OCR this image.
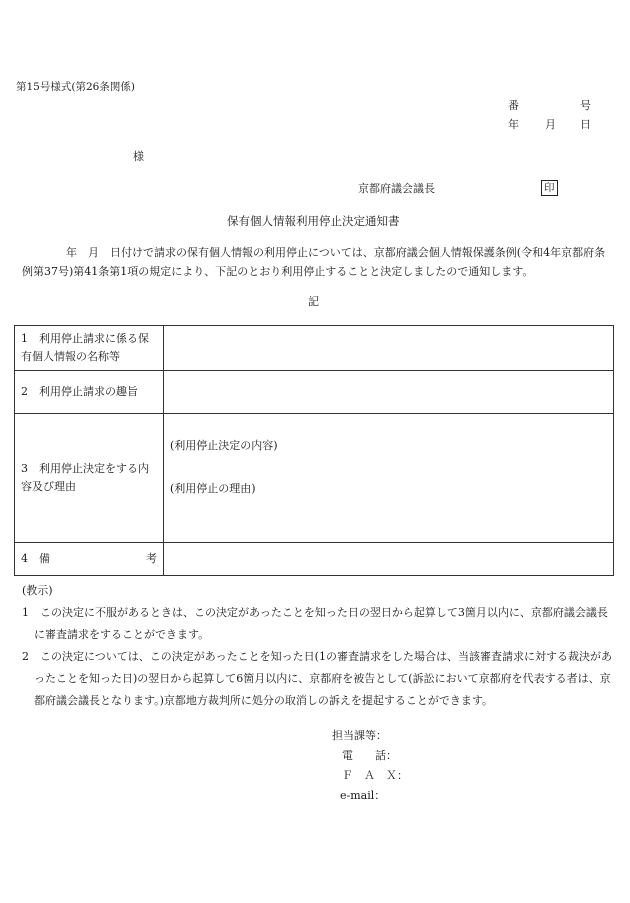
第15号様式(第26条関係)
番	号
年 月 日
様
京都府議会議長	印
保有個人情報利用停止決定通知書
年　月　日付けで請求の保有個人情報の利用停止については、京都府議会個人情報保護条例(令和4年京都府条例第37号)第41条第1項の規定により、下記のとおり利用停止することと決定しましたので通知します。
記
1　利用停止請求に係る保有個人情報の名称等	
2　利用停止請求の趣旨	
3　利用停止決定をする内容及び理由	(利用停止決定の内容)
(利用停止の理由)

4　備 考	

(教示)
1　この決定に不服があるときは、この決定があったことを知った日の翌日から起算して3箇月以内に、京都府議会議長に審査請求をすることができます。
2　この決定については、この決定があったことを知った日(1の審査請求をした場合は、当該審査請求に対する裁決があったことを知った日)の翌日から起算して6箇月以内に、京都府を被告として(訴訟において京都府を代表する者は、京都府議会議長となります。)京都地方裁判所に処分の取消しの訴えを提起することができます。
担当課等：
電　　話：
Ｆ　Ａ　Ｘ：
e-mail：
